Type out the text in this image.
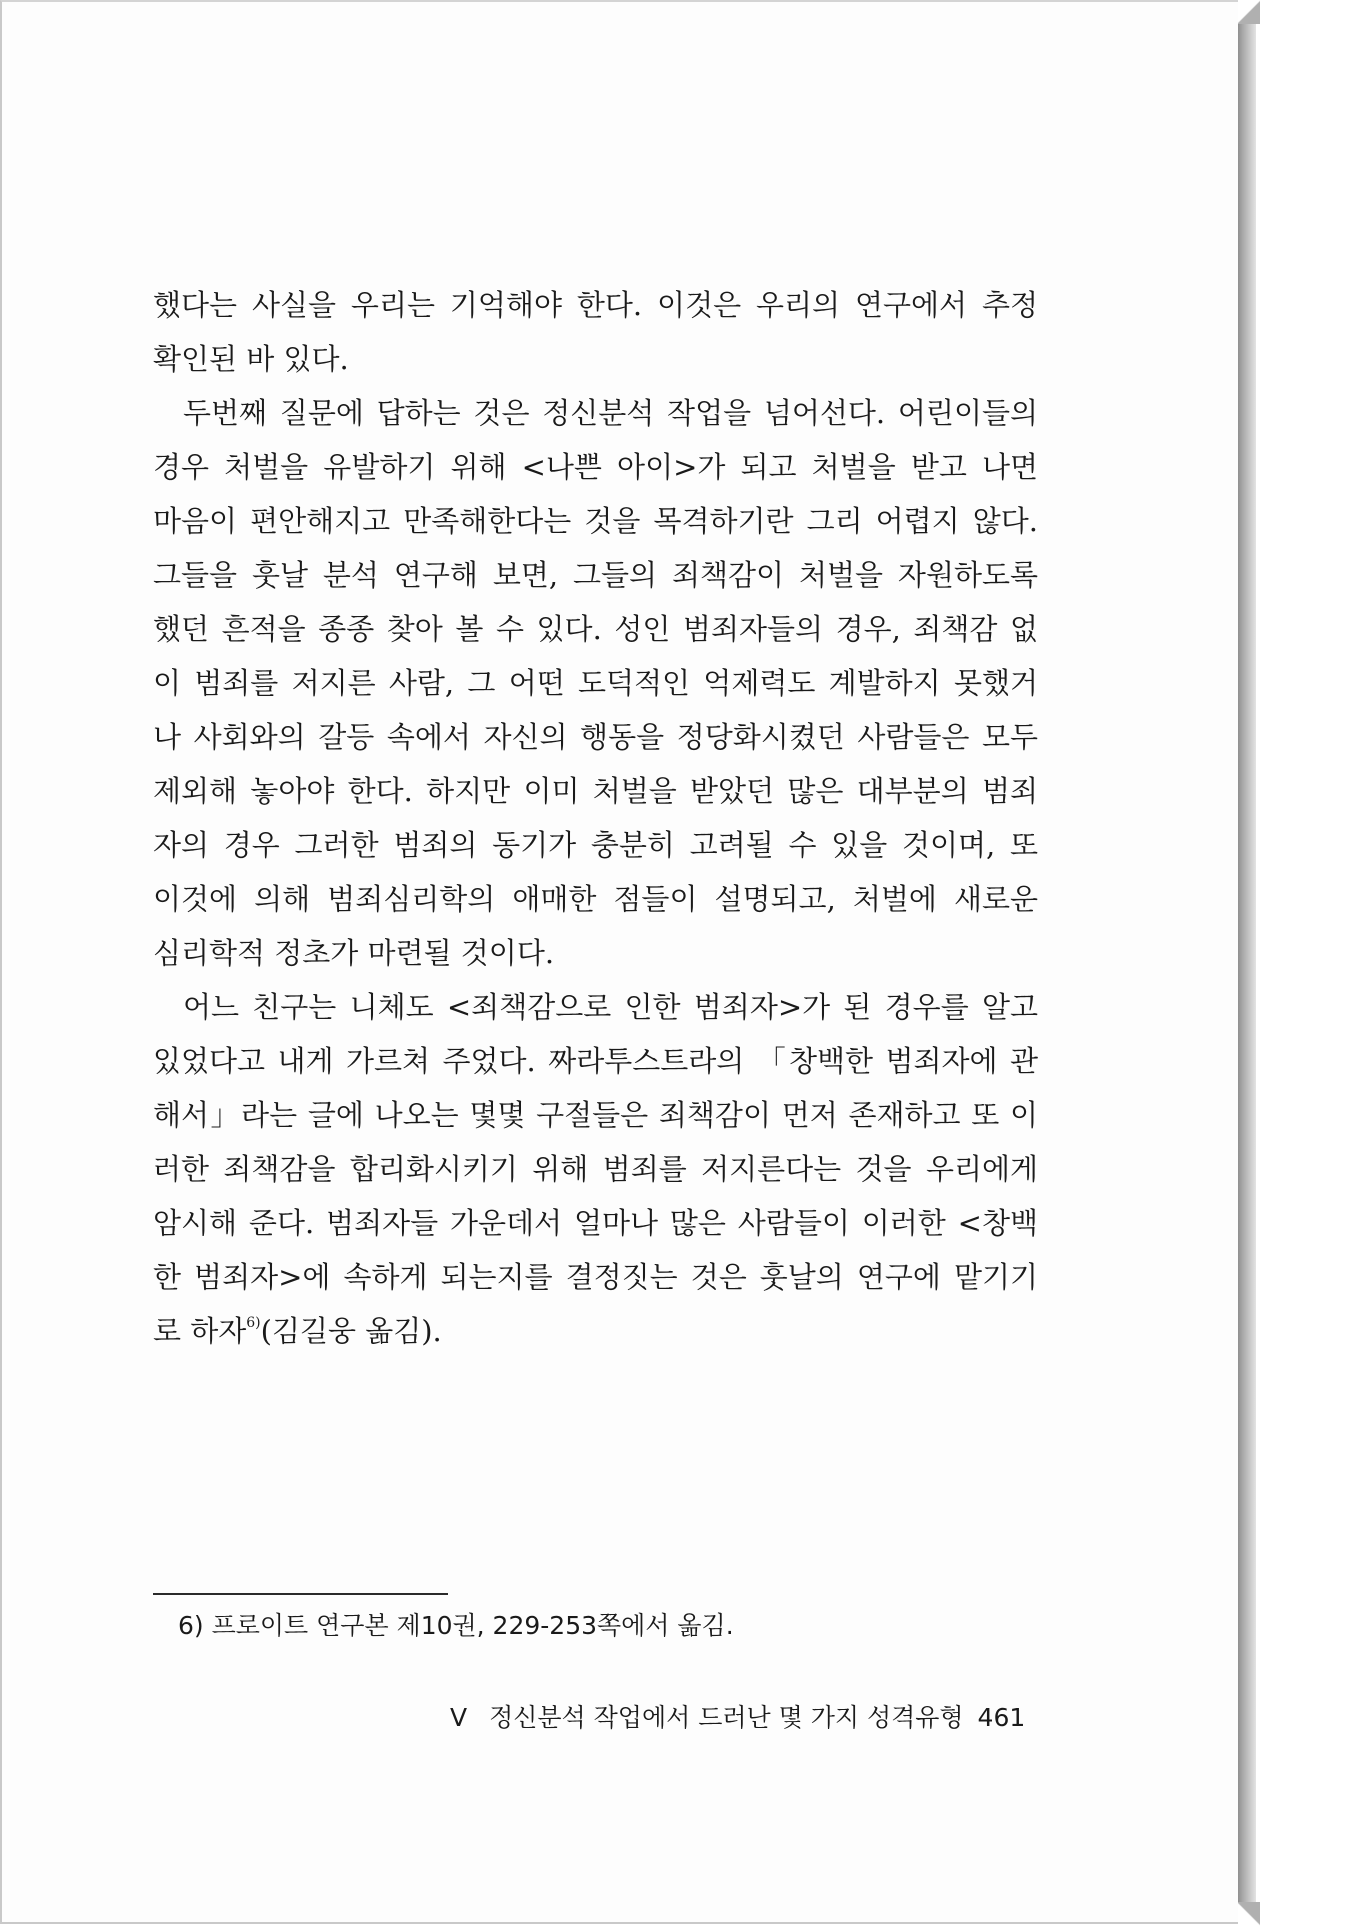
했다는 사실을 우리는 기억해야 한다. 이것은 우리의 연구에서 추정
확인된 바 있다.
두번째 질문에 답하는 것은 정신분석 작업을 넘어선다. 어린이들의
경우 처벌을 유발하기 위해 <나쁜 아이>가 되고 처벌을 받고 나면
마음이 편안해지고 만족해한다는 것을 목격하기란 그리 어렵지 않다.
그들을 훗날 분석 연구해 보면, 그들의 죄책감이 처벌을 자원하도록
했던 흔적을 종종 찾아 볼 수 있다. 성인 범죄자들의 경우, 죄책감 없
이 범죄를 저지른 사람, 그 어떤 도덕적인 억제력도 계발하지 못했거
나 사회와의 갈등 속에서 자신의 행동을 정당화시켰던 사람들은 모두
제외해 놓아야 한다. 하지만 이미 처벌을 받았던 많은 대부분의 범죄
자의 경우 그러한 범죄의 동기가 충분히 고려될 수 있을 것이며, 또
이것에 의해 범죄심리학의 애매한 점들이 설명되고, 처벌에 새로운
심리학적 정초가 마련될 것이다.
어느 친구는 니체도 <죄책감으로 인한 범죄자>가 된 경우를 알고
있었다고 내게 가르쳐 주었다. 짜라투스트라의 「창백한 범죄자에 관
해서」라는 글에 나오는 몇몇 구절들은 죄책감이 먼저 존재하고 또 이
러한 죄책감을 합리화시키기 위해 범죄를 저지른다는 것을 우리에게
암시해 준다. 범죄자들 가운데서 얼마나 많은 사람들이 이러한 <창백
한 범죄자>에 속하게 되는지를 결정짓는 것은 훗날의 연구에 맡기기
로 하자$^{6)}$(김길웅 옮김).
6) 프로이트 연구본 제10권, 229-253쪽에서 옮김.
V 정신분석 작업에서 드러난 몇 가지 성격유형 461
